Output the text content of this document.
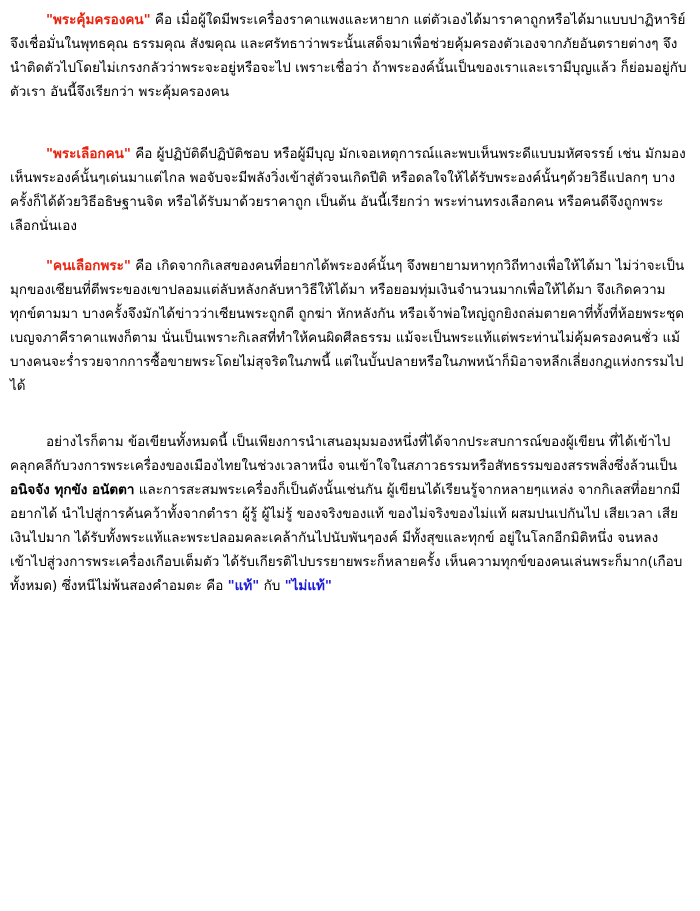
"พระคุ้มครองคน" คือ เมื่อผู้ใดมีพระเครื่องราคาแพงและหายาก แต่ตัวเองได้มาราคาถูกหรือได้มาแบบปาฏิหาริย์ จึงเชื่อมั่นในพุทธคุณ ธรรมคุณ สังฆคุณ และศรัทธาว่าพระนั้นเสด็จมาเพื่อช่วยคุ้มครองตัวเองจากภัยอันตรายต่างๆ จึงนำติดตัวไปโดยไม่เกรงกลัวว่าพระจะอยู่หรือจะไป เพราะเชื่อว่า ถ้าพระองค์นั้นเป็นของเราและเรามีบุญแล้ว ก็ย่อมอยู่กับตัวเรา อันนี้จึงเรียกว่า พระคุ้มครองคน

"พระเลือกคน" คือ ผู้ปฏิบัติดีปฏิบัติชอบ หรือผู้มีบุญ มักเจอเหตุการณ์และพบเห็นพระดีแบบมหัศจรรย์ เช่น มักมองเห็นพระองค์นั้นๆเด่นมาแต่ไกล พอจับจะมีพลังวิ่งเข้าสู่ตัวจนเกิดปีติ หรือดลใจให้ได้รับพระองค์นั้นๆด้วยวิธีแปลกๆ บางครั้งก็ได้ด้วยวิธีอธิษฐานจิต หรือได้รับมาด้วยราคาถูก เป็นต้น อันนี้เรียกว่า พระท่านทรงเลือกคน หรือคนดีจึงถูกพระเลือกนั่นเอง

"คนเลือกพระ" คือ เกิดจากกิเลสของคนที่อยากได้พระองค์นั้นๆ จึงพยายามหาทุกวิถีทางเพื่อให้ได้มา ไม่ว่าจะเป็นมุกของเซียนที่ตีพระของเขาปลอมแต่ลับหลังกลับหาวิธีให้ได้มา หรือยอมทุ่มเงินจำนวนมากเพื่อให้ได้มา จึงเกิดความทุกข์ตามมา บางครั้งจึงมักได้ข่าวว่าเซียนพระถูกตี ถูกฆ่า หักหลังกัน หรือเจ้าพ่อใหญ่ถูกยิงถล่มตายคาที่ทั้งที่ห้อยพระชุดเบญจภาคีราคาแพงก็ตาม นั่นเป็นเพราะกิเลสที่ทำให้คนผิดศีลธรรม แม้จะเป็นพระแท้แต่พระท่านไม่คุ้มครองคนชั่ว แม้บางคนจะร่ำรวยจากการซื้อขายพระโดยไม่สุจริตในภพนี้ แต่ในบั้นปลายหรือในภพหน้าก็มิอาจหลีกเลี่ยงกฎแห่งกรรมไปได้

อย่างไรก็ตาม ข้อเขียนทั้งหมดนี้ เป็นเพียงการนำเสนอมุมมองหนึ่งที่ได้จากประสบการณ์ของผู้เขียน ที่ได้เข้าไปคลุกคลีกับวงการพระเครื่องของเมืองไทยในช่วงเวลาหนึ่ง จนเข้าใจในสภาวธรรมหรือสัทธรรมของสรรพสิ่งซึ่งล้วนเป็น อนิจจัง ทุกขัง อนัตตา และการสะสมพระเครื่องก็เป็นดังนั้นเช่นกัน ผู้เขียนได้เรียนรู้จากหลายๆแหล่ง จากกิเลสที่อยากมีอยากได้ นำไปสู่การค้นคว้าทั้งจากตำรา ผู้รู้ ผู้ไม่รู้ ของจริงของแท้ ของไม่จริงของไม่แท้ ผสมปนเปกันไป เสียเวลา เสียเงินไปมาก ได้รับทั้งพระแท้และพระปลอมคละเคล้ากันไปนับพันๆองค์ มีทั้งสุขและทุกข์ อยู่ในโลกอีกมิติหนึ่ง จนหลงเข้าไปสู่วงการพระเครื่องเกือบเต็มตัว ได้รับเกียรติไปบรรยายพระก็หลายครั้ง เห็นความทุกข์ของคนเล่นพระก็มาก(เกือบทั้งหมด) ซึ่งหนีไม่พ้นสองคำอมตะ คือ "แท้" กับ "ไม่แท้"
